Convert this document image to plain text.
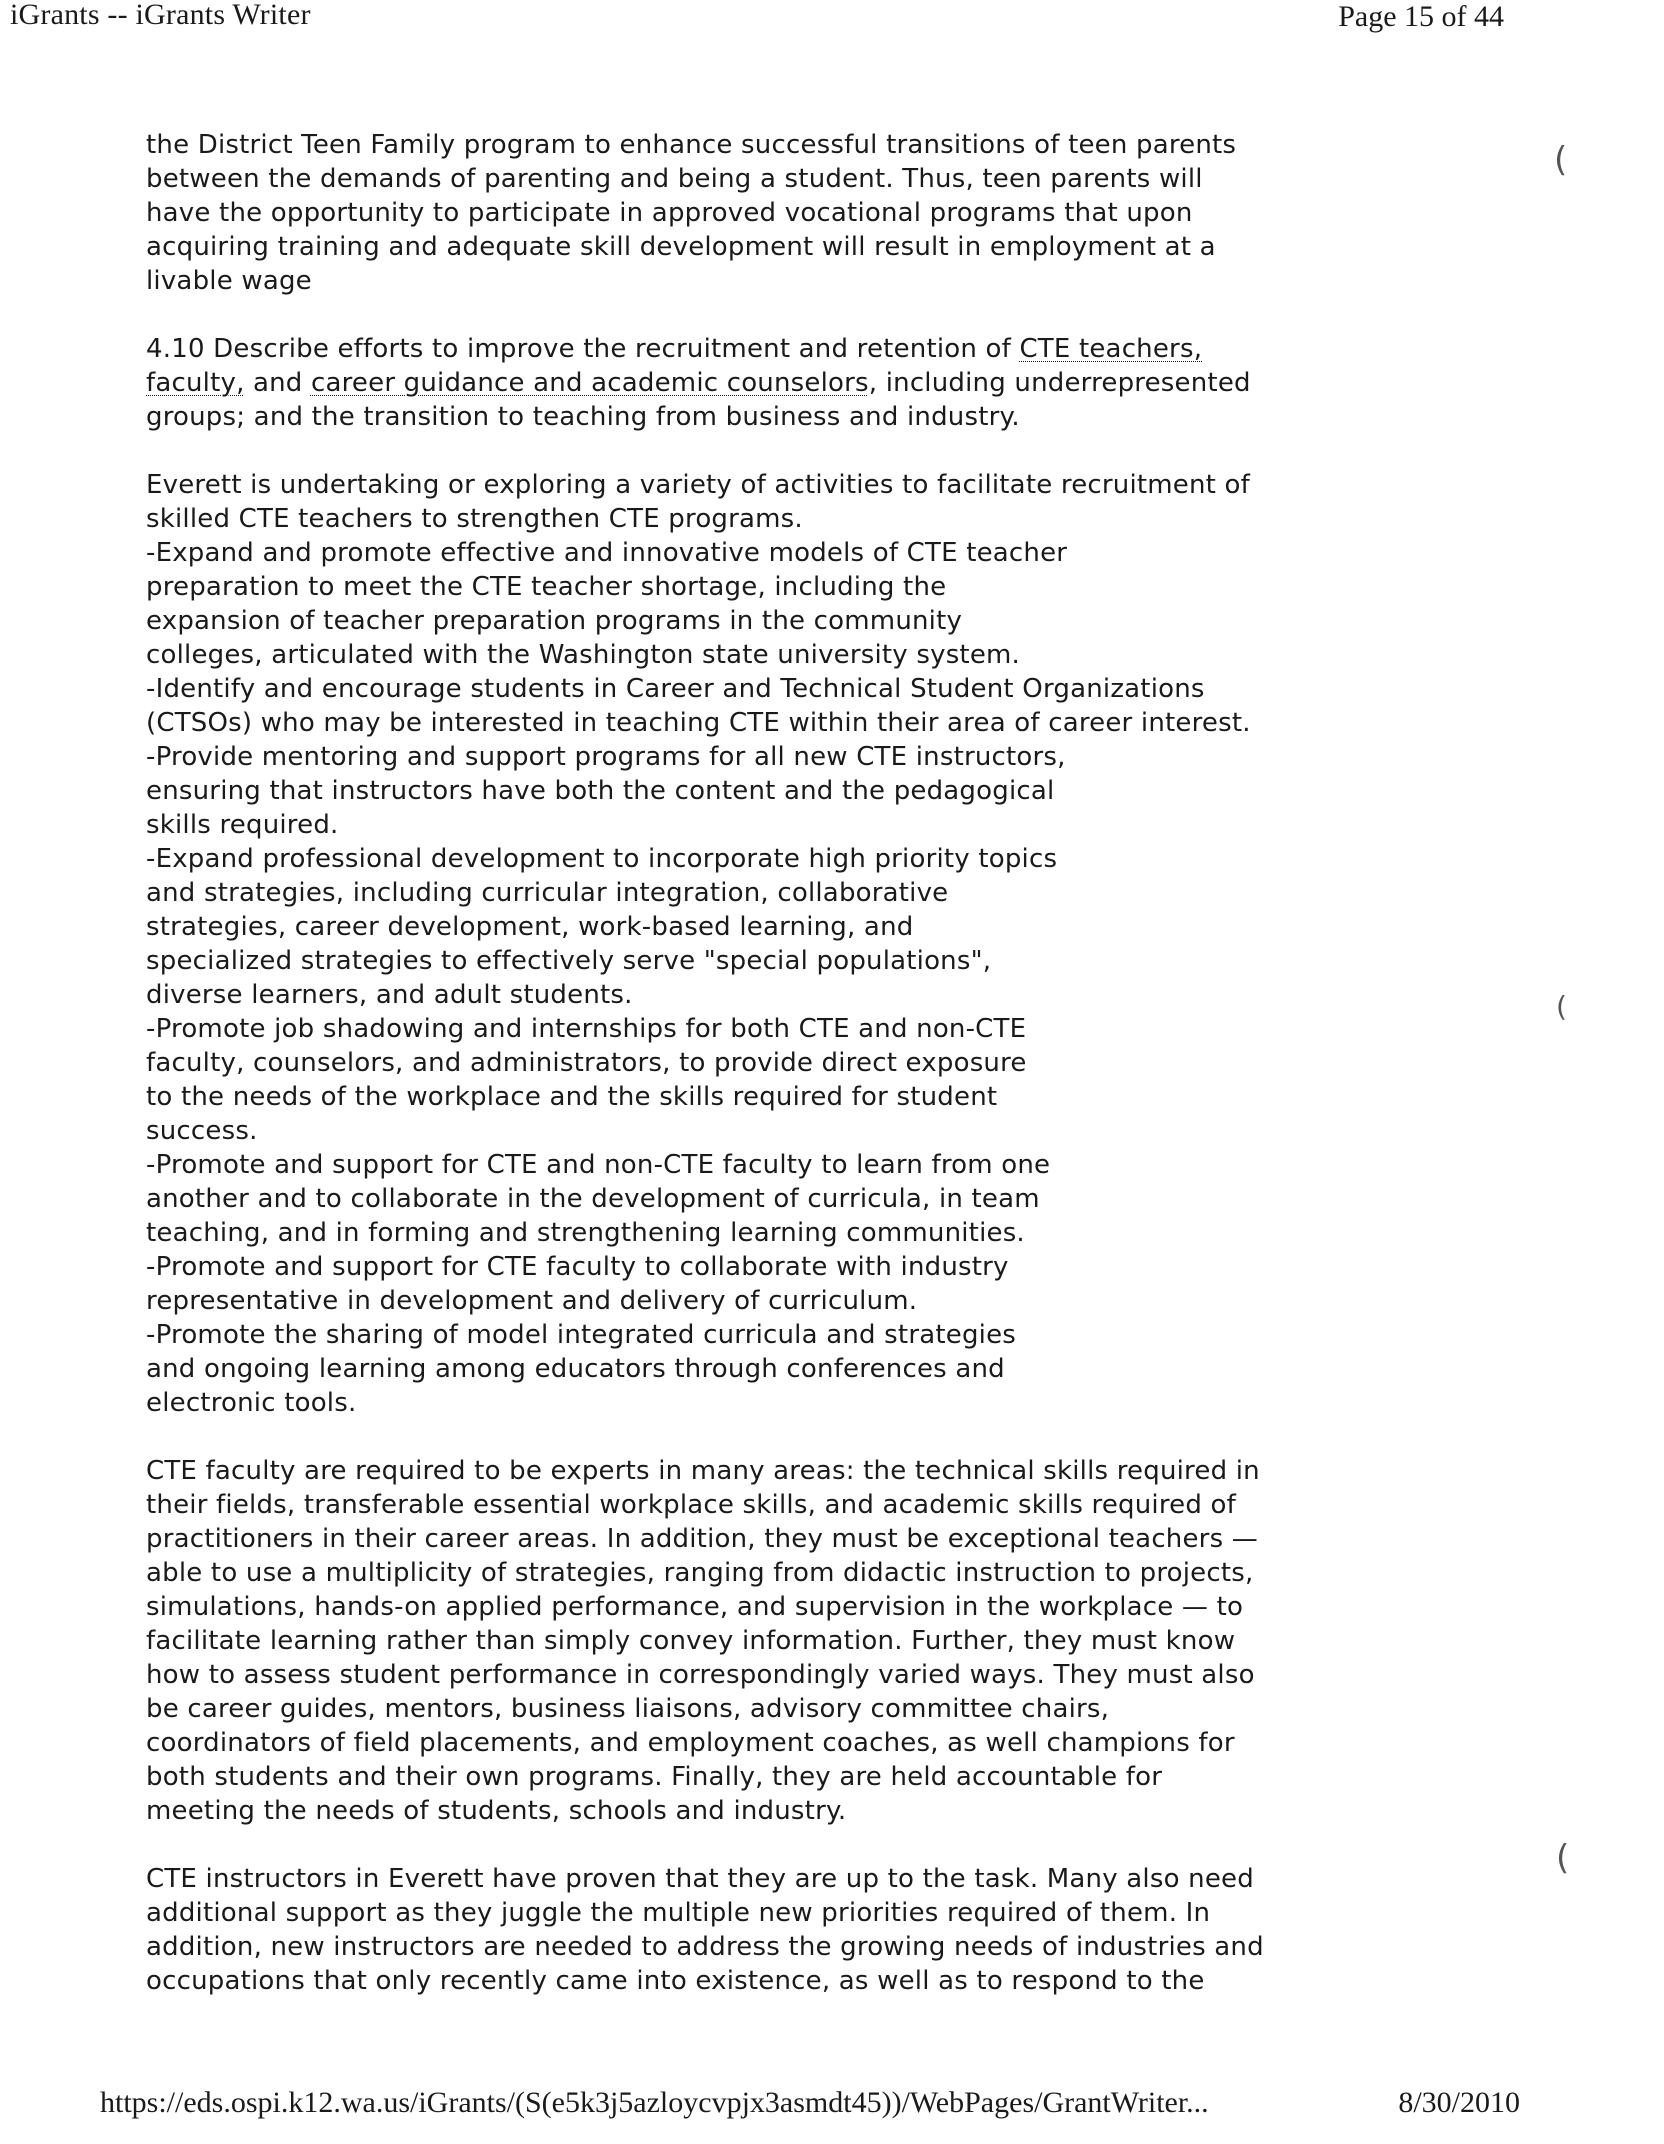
iGrants -- iGrants Writer	Page 15 of 44
(
(
(

the District Teen Family program to enhance successful transitions of teen parents
between the demands of parenting and being a student. Thus, teen parents will
have the opportunity to participate in approved vocational programs that upon
acquiring training and adequate skill development will result in employment at a
livable wage

4.10 Describe efforts to improve the recruitment and retention of CTE teachers,
faculty, and career guidance and academic counselors, including underrepresented
groups; and the transition to teaching from business and industry.

Everett is undertaking or exploring a variety of activities to facilitate recruitment of
skilled CTE teachers to strengthen CTE programs.
-Expand and promote effective and innovative models of CTE teacher
preparation to meet the CTE teacher shortage, including the
expansion of teacher preparation programs in the community
colleges, articulated with the Washington state university system.
-Identify and encourage students in Career and Technical Student Organizations
(CTSOs) who may be interested in teaching CTE within their area of career interest.
-Provide mentoring and support programs for all new CTE instructors,
ensuring that instructors have both the content and the pedagogical
skills required.
-Expand professional development to incorporate high priority topics
and strategies, including curricular integration, collaborative
strategies, career development, work-based learning, and
specialized strategies to effectively serve "special populations",
diverse learners, and adult students.
-Promote job shadowing and internships for both CTE and non-CTE
faculty, counselors, and administrators, to provide direct exposure
to the needs of the workplace and the skills required for student
success.
-Promote and support for CTE and non-CTE faculty to learn from one
another and to collaborate in the development of curricula, in team
teaching, and in forming and strengthening learning communities.
-Promote and support for CTE faculty to collaborate with industry
representative in development and delivery of curriculum.
-Promote the sharing of model integrated curricula and strategies
and ongoing learning among educators through conferences and
electronic tools.

CTE faculty are required to be experts in many areas: the technical skills required in
their fields, transferable essential workplace skills, and academic skills required of
practitioners in their career areas. In addition, they must be exceptional teachers —
able to use a multiplicity of strategies, ranging from didactic instruction to projects,
simulations, hands-on applied performance, and supervision in the workplace — to
facilitate learning rather than simply convey information. Further, they must know
how to assess student performance in correspondingly varied ways. They must also
be career guides, mentors, business liaisons, advisory committee chairs,
coordinators of field placements, and employment coaches, as well champions for
both students and their own programs. Finally, they are held accountable for
meeting the needs of students, schools and industry.

CTE instructors in Everett have proven that they are up to the task. Many also need
additional support as they juggle the multiple new priorities required of them. In
addition, new instructors are needed to address the growing needs of industries and
occupations that only recently came into existence, as well as to respond to the

https://eds.ospi.k12.wa.us/iGrants/(S(e5k3j5azloycvpjx3asmdt45))/WebPages/GrantWriter...	8/30/2010
